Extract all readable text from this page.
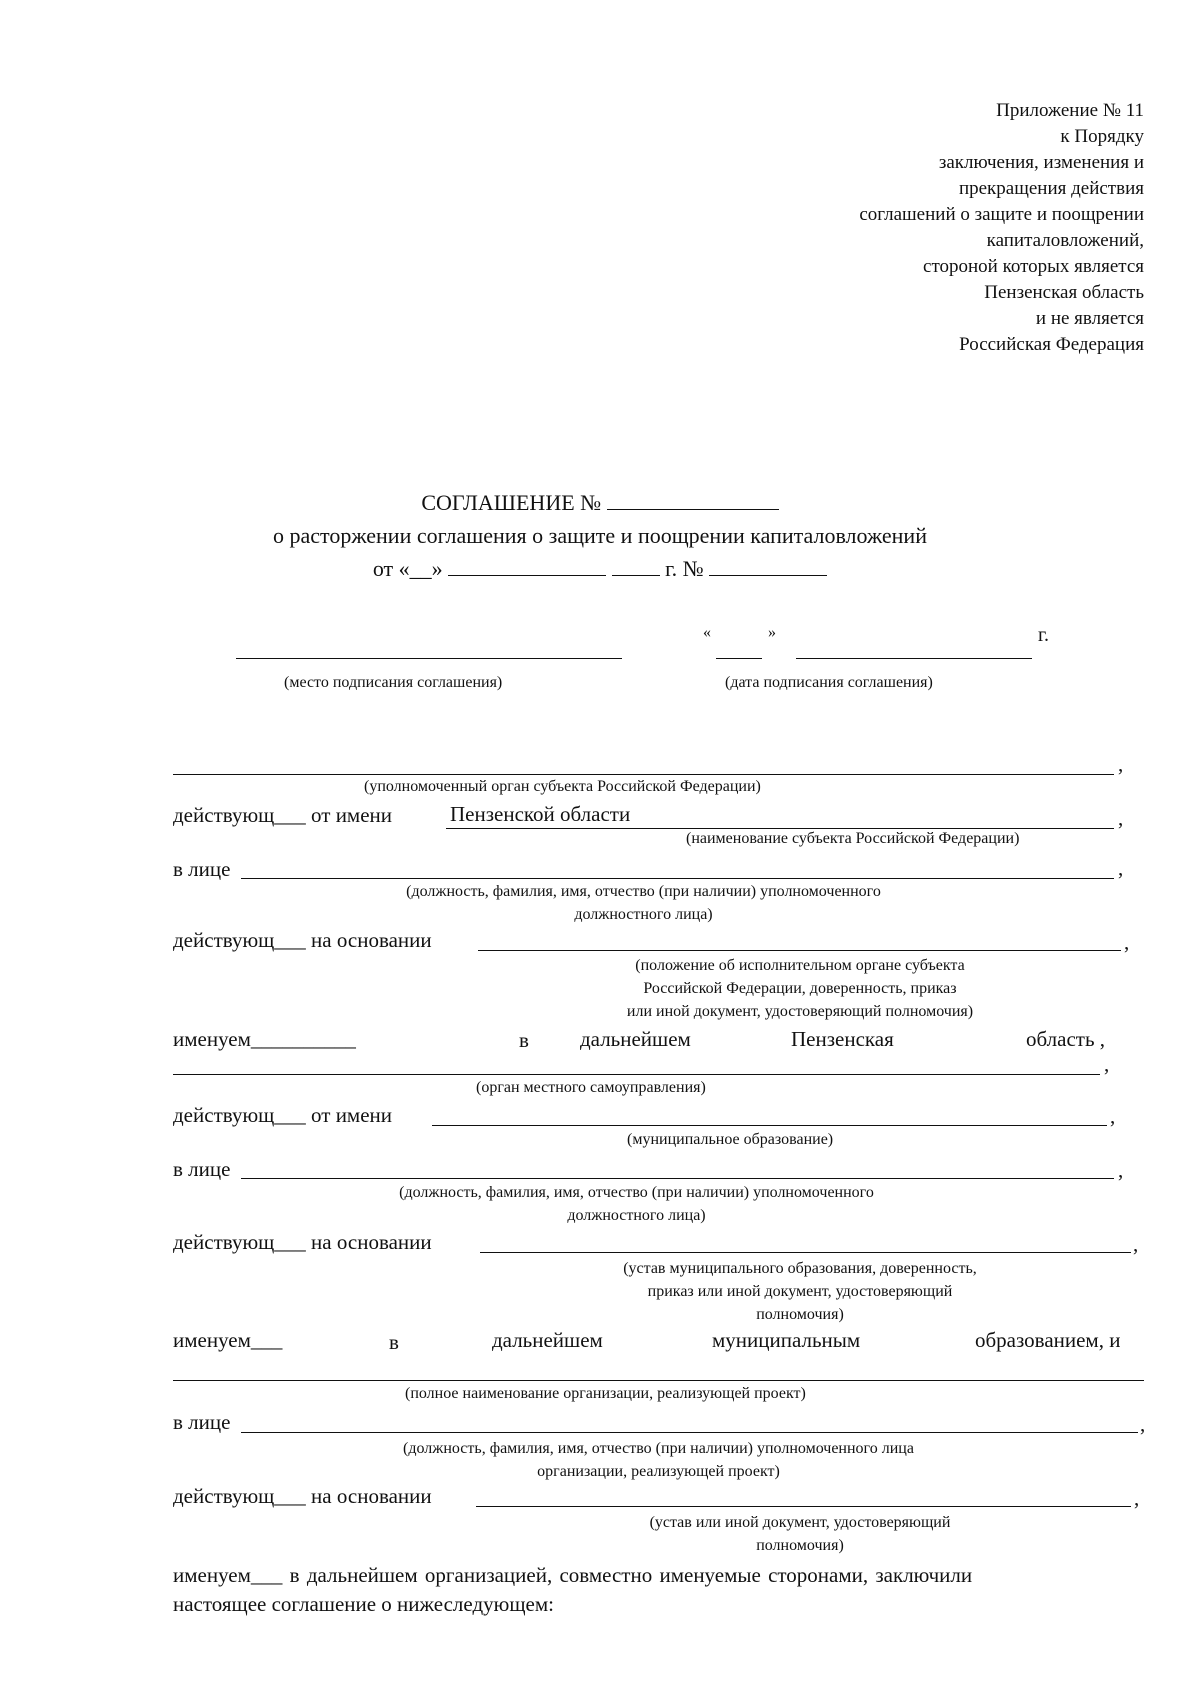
Приложение № 11
к Порядку
заключения, изменения и
прекращения действия
соглашений о защите и поощрении
капиталовложений,
стороной которых является
Пензенская область
и не является
Российская Федерация
СОГЛАШЕНИЕ №
о расторжении соглашения о защите и поощрении капиталовложений
от «__»	г. №
«	»	г.
(место подписания соглашения)	(дата подписания соглашения)
,
(уполномоченный орган субъекта Российской Федерации)
действующ___ от имени	Пензенской области	,
(наименование субъекта Российской Федерации)
в лице	,
(должность, фамилия, имя, отчество (при наличии) уполномоченного
должностного лица)
действующ___ на основании	,
(положение об исполнительном органе субъекта
Российской Федерации, доверенность, приказ
или иной документ, удостоверяющий полномочия)
именуем__________	в дальнейшем	Пензенская	область ,
,
(орган местного самоуправления)
действующ___ от имени	,
(муниципальное образование)
в лице	,
(должность, фамилия, имя, отчество (при наличии) уполномоченного
должностного лица)
действующ___ на основании	,
(устав муниципального образования, доверенность,
приказ или иной документ, удостоверяющий
полномочия)
именуем___	в	дальнейшем	муниципальным	образованием, и
(полное наименование организации, реализующей проект)
в лице	,
(должность, фамилия, имя, отчество (при наличии) уполномоченного лица
организации, реализующей проект)
действующ___ на основании	,
(устав или иной документ, удостоверяющий
полномочия)
именуем___ в дальнейшем организацией, совместно именуемые сторонами, заключили
настоящее соглашение о нижеследующем:
